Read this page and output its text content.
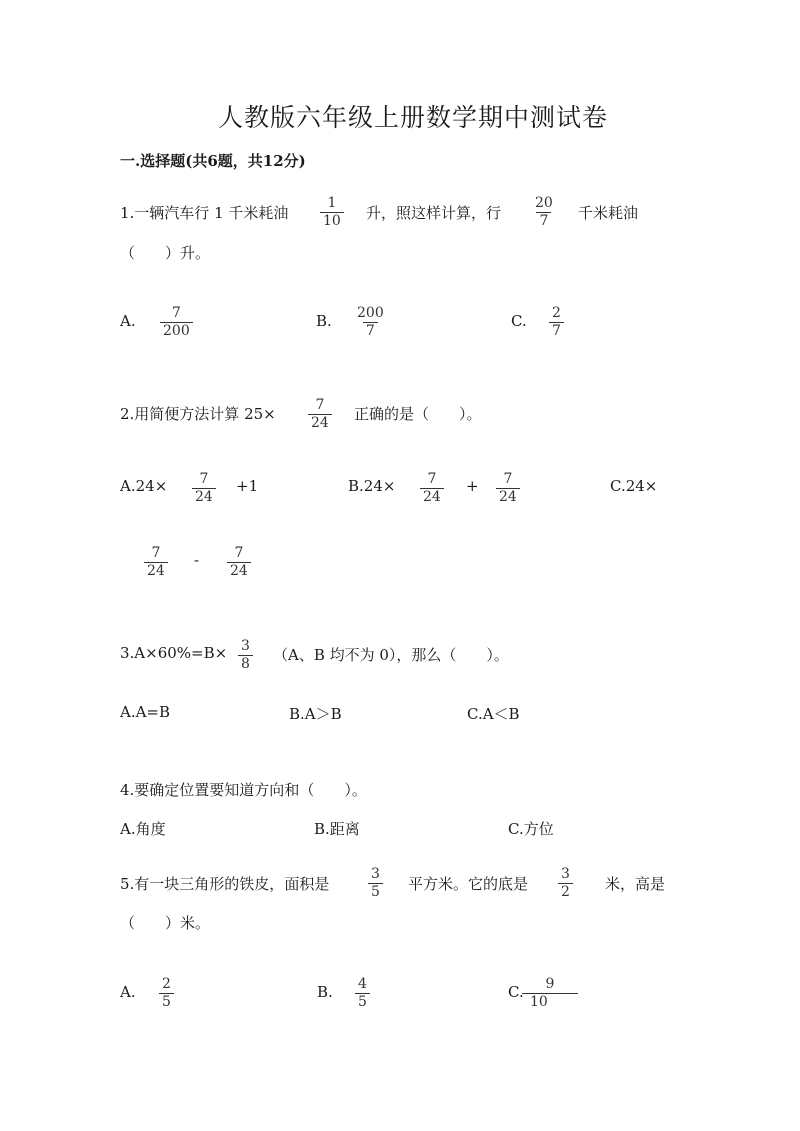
人教版六年级上册数学期中测试卷
一.选择题(共6题，共12分)
1.一辆汽车行 1 千米耗油 $\frac{1}{10}$ 升，照这样计算，行 $\frac{20}{7}$ 千米耗油
（　　）升。
A. $\frac{7}{200}$	B. $\frac{200}{7}$	C. $\frac{2}{7}$
2.用简便方法计算 $25\times \frac{7}{24}$ 正确的是（　　）。
$A.24\times \frac{7}{24} +1$	$B.24\times \frac{7}{24} + \frac{7}{24}$	C.24×
$\frac{7}{24} - \frac{7}{24}$
$3.A\times 60\%=B\times \frac{3}{8} (A$、B 均不为 0），那么（　　）。
A.A=B	B.A＞B	C.A＜B
4.要确定位置要知道方向和（　　）。
A.角度	B.距离	C.方位
5.有一块三角形的铁皮，面积是	$\frac{3}{5}$ 平方米。它的底是 $\frac{3}{2}$ 米，高是
（　　）米。
A. $\frac{2}{5}$	B. $\frac{4}{5}$	C.
$\frac{9}{10}$
